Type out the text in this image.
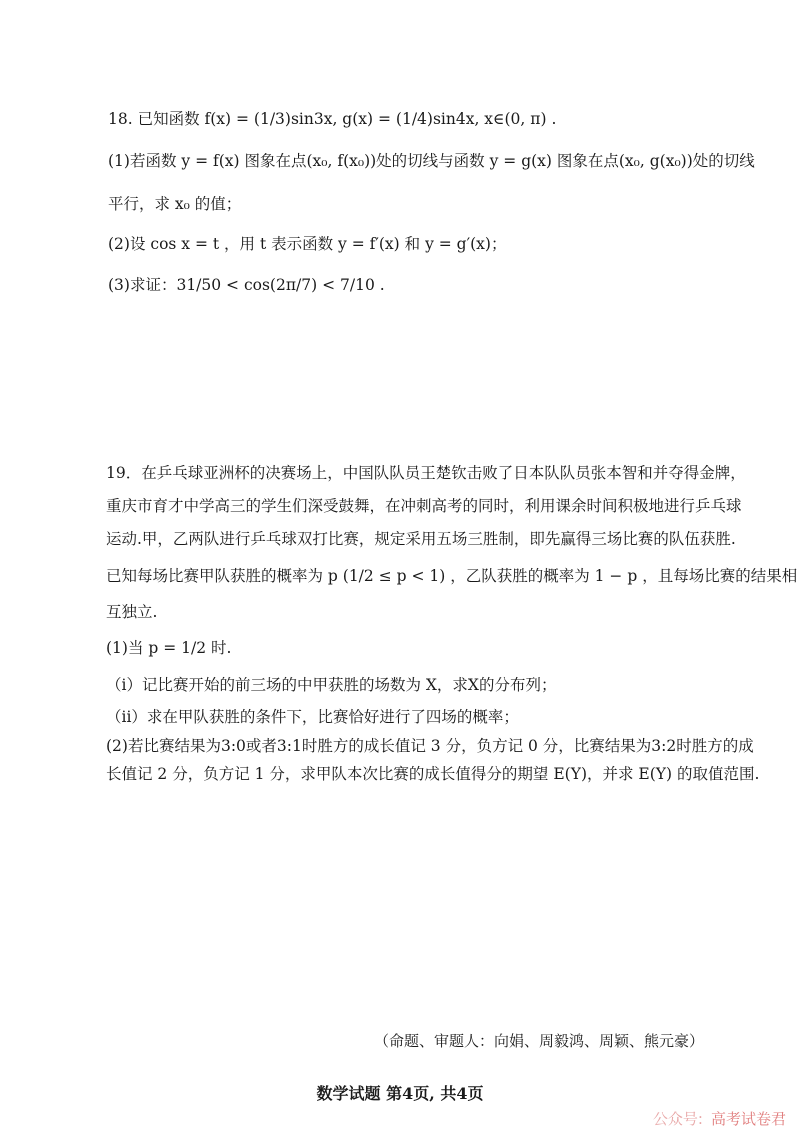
18. 已知函数 f(x) = (1/3)sin3x, g(x) = (1/4)sin4x, x∈(0, π) .
(1)若函数 y = f(x) 图象在点(x₀, f(x₀))处的切线与函数 y = g(x) 图象在点(x₀, g(x₀))处的切线
平行，求 x₀ 的值；
(2)设 cos x = t ，用 t 表示函数 y = f′(x) 和 y = g′(x)；
(3)求证：31/50 < cos(2π/7) < 7/10 .
19．在乒乓球亚洲杯的决赛场上，中国队队员王楚钦击败了日本队队员张本智和并夺得金牌，
重庆市育才中学高三的学生们深受鼓舞，在冲刺高考的同时，利用课余时间积极地进行乒乓球
运动.甲，乙两队进行乒乓球双打比赛，规定采用五场三胜制，即先赢得三场比赛的队伍获胜.
已知每场比赛甲队获胜的概率为 p (1/2 ≤ p < 1) ，乙队获胜的概率为 1 − p ，且每场比赛的结果相
互独立.
(1)当 p = 1/2 时.
（i）记比赛开始的前三场的中甲获胜的场数为 X，求X的分布列；
（ii）求在甲队获胜的条件下，比赛恰好进行了四场的概率；
(2)若比赛结果为3:0或者3:1时胜方的成长值记 3 分，负方记 0 分，比赛结果为3:2时胜方的成
长值记 2 分，负方记 1 分，求甲队本次比赛的成长值得分的期望 E(Y)，并求 E(Y) 的取值范围.
（命题、审题人：向娟、周毅鸿、周颖、熊元豪）
数学试题 第4页, 共4页
公众号: 高考试卷君
